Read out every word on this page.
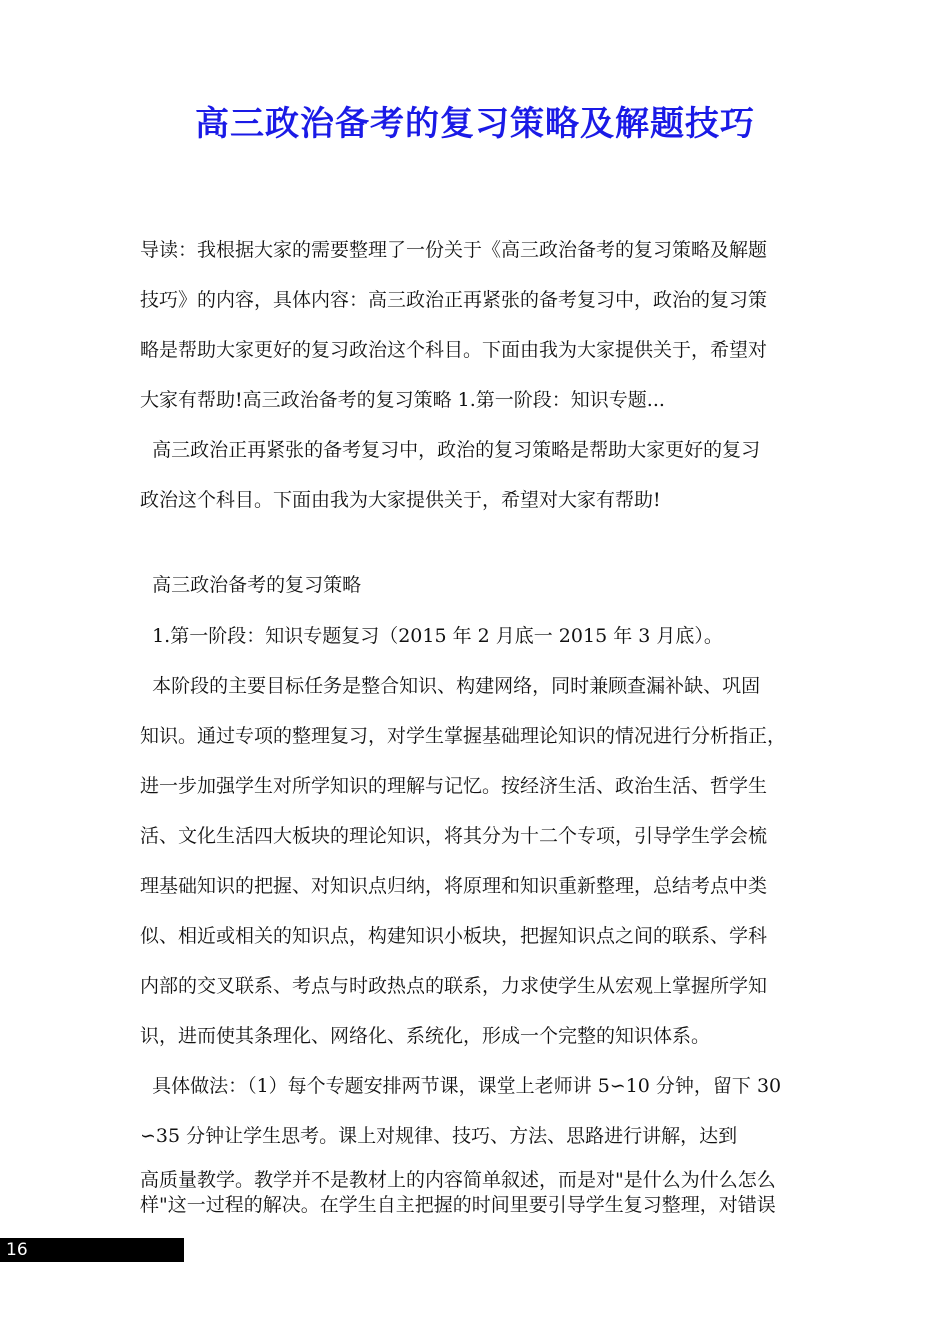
高三政治备考的复习策略及解题技巧

导读：我根据大家的需要整理了一份关于《高三政治备考的复习策略及解题

技巧》的内容，具体内容：高三政治正再紧张的备考复习中，政治的复习策

略是帮助大家更好的复习政治这个科目。下面由我为大家提供关于，希望对

大家有帮助!高三政治备考的复习策略 1.第一阶段：知识专题...

高三政治正再紧张的备考复习中，政治的复习策略是帮助大家更好的复习

政治这个科目。下面由我为大家提供关于，希望对大家有帮助!

高三政治备考的复习策略

1.第一阶段：知识专题复习（2015 年 2 月底一 2015 年 3 月底）。

本阶段的主要目标任务是整合知识、构建网络，同时兼顾查漏补缺、巩固

知识。通过专项的整理复习，对学生掌握基础理论知识的情况进行分析指正，

进一步加强学生对所学知识的理解与记忆。按经济生活、政治生活、哲学生

活、文化生活四大板块的理论知识，将其分为十二个专项，引导学生学会梳

理基础知识的把握、对知识点归纳，将原理和知识重新整理，总结考点中类

似、相近或相关的知识点，构建知识小板块，把握知识点之间的联系、学科

内部的交叉联系、考点与时政热点的联系，力求使学生从宏观上掌握所学知

识，进而使其条理化、网络化、系统化，形成一个完整的知识体系。

具体做法：（1）每个专题安排两节课，课堂上老师讲 5∽10 分钟，留下 30

∽35 分钟让学生思考。课上对规律、技巧、方法、思路进行讲解，达到

高质量教学。教学并不是教材上的内容简单叙述，而是对"是什么为什么怎么

样"这一过程的解决。在学生自主把握的时间里要引导学生复习整理，对错误

16
